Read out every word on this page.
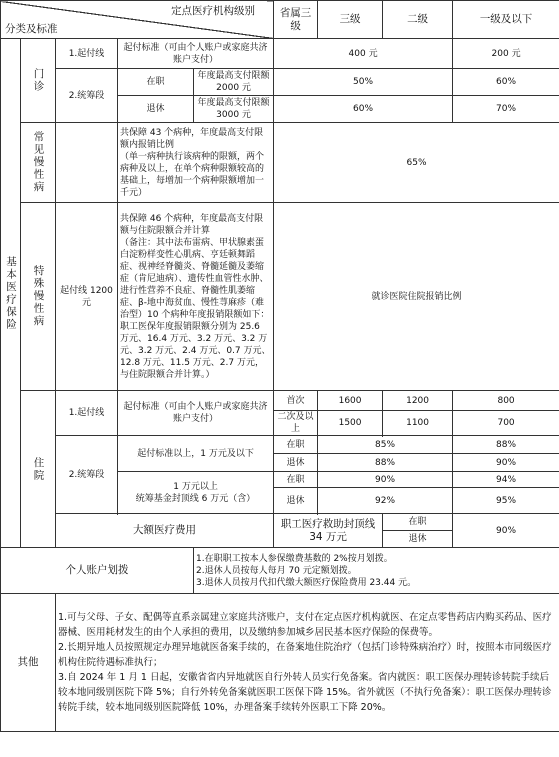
定点医疗机构级别
分类及标准					省属三级	三级	二级	一级及以下	
基本医疗保险	门诊	1.起付线	起付标准（可由个人账户或家庭共济账户支付）		400 元			200 元	
		2.统筹段	在职	年度最高支付限额 2000 元	50%			60%	
			退休	年度最高支付限额 3000 元	60%			70%	
	常见慢性病		共保障 43 个病种，年度最高支付限额内报销比例
（单一病种执行该病种的限额，两个病种及以上，在单个病种限额较高的基础上，每增加一个病种限额增加一千元）		65%				
	特殊慢性病	起付线 1200 元	共保障 46 个病种，年度最高支付限额与住院限额合并计算
（备注：其中法布雷病、甲状腺素蛋白淀粉样变性心肌病、亨廷顿舞蹈症、视神经脊髓炎、脊髓延髓及萎缩症（肯尼迪病）、遗传性血管性水肿、进行性营养不良症、脊髓性肌萎缩症、β-地中海贫血、慢性荨麻疹（难治型）10 个病种年度报销限额如下：职工医保年度报销限额分别为 25.6 万元、16.4 万元、3.2 万元、3.2 万元、3.2 万元、2.4 万元、0.7 万元、12.8 万元、11.5 万元、2.7 万元，与住院限额合并计算。）		就诊医院住院报销比例				
	住院	1.起付线	起付标准（可由个人账户或家庭共济账户支付）		首次	1600	1200	800	

					二次及以上	1500	1100	700	

		2.统筹段	起付标准以上，1 万元及以下		在职	85%		88%	

					退休	88%		90%	

			1 万元以上
统筹基金封顶线 6 万元（含）		在职	90%		94%	
					退休	92%		95%	

		大额医疗费用			职工医疗救助封顶线 34 万元		在职	90%	
							退休		
个人账户划拨				1.在职职工按本人参保缴费基数的 2%按月划拨。
2.退休人员按每人每月 70 元定额划拨。
3.退休人员按月代扣代缴大额医疗保险费用 23.44 元。					

其他		1.可与父母、子女、配偶等直系亲属建立家庭共济账户，支付在定点医疗机构就医、在定点零售药店内购买药品、医疗器械、医用耗材发生的由个人承担的费用，以及缴纳参加城乡居民基本医疗保险的保费等。
2.长期异地人员按照规定办理异地就医备案手续的，在备案地住院治疗（包括门诊特殊病治疗）时，按照本市同级医疗机构住院待遇标准执行；
3.自 2024 年 1 月 1 日起，安徽省省内异地就医自行外转人员实行免备案。省内就医：职工医保办理转诊转院手续后较本地同级别医院下降 5%；自行外转免备案就医职工医保下降 15%。省外就医（不执行免备案）：职工医保办理转诊转院手续，较本地同级别医院降低 10%，办理备案手续转外医职工下降 20%。							
